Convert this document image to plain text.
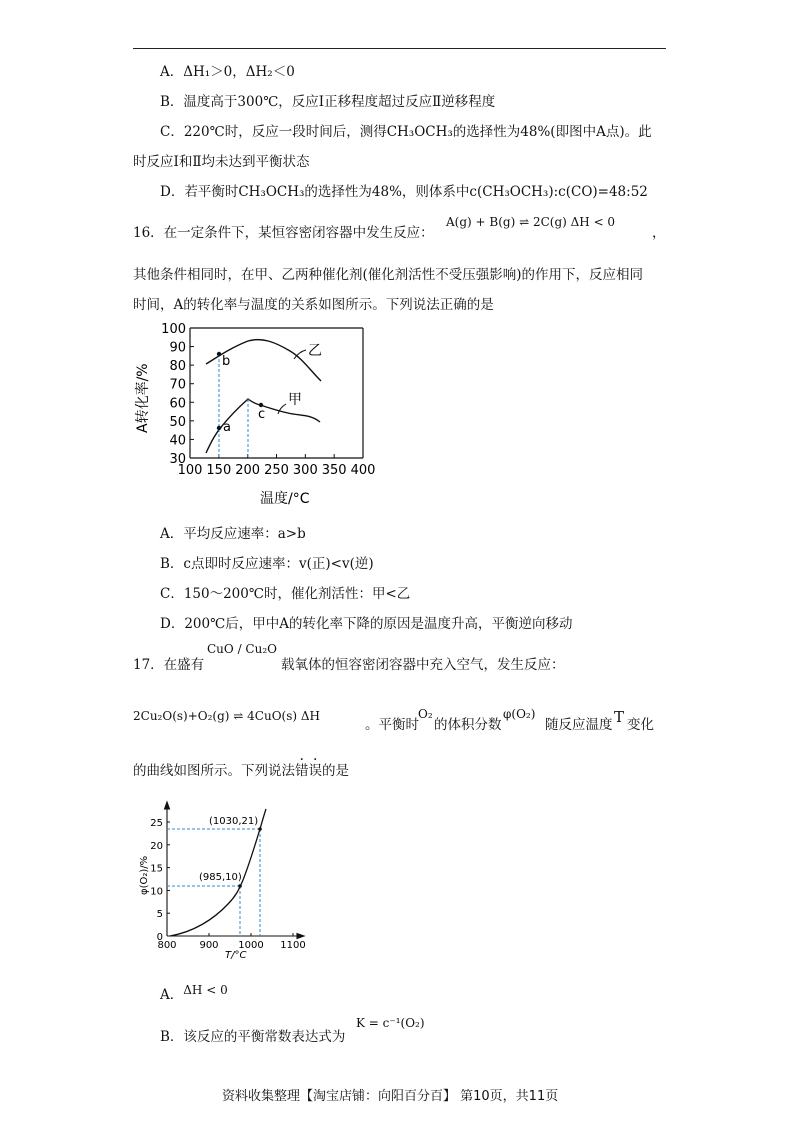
A．ΔH₁＞0，ΔH₂＜0
B．温度高于300℃，反应Ⅰ正移程度超过反应Ⅱ逆移程度
C．220℃时，反应一段时间后，测得CH₃OCH₃的选择性为48%(即图中A点)。此
时反应Ⅰ和Ⅱ均未达到平衡状态
D．若平衡时CH₃OCH₃的选择性为48%，则体系中c(CH₃OCH₃):c(CO)=48:52
16．在一定条件下，某恒容密闭容器中发生反应：
A(g) + B(g) ⇌ 2C(g) ΔH < 0
，
其他条件相同时，在甲、乙两种催化剂(催化剂活性不受压强影响)的作用下，反应相同
时间，A的转化率与温度的关系如图所示。下列说法正确的是
100 150 200 250 300 350 400
30
40
50
60
70
80
90
100
a
b
c
乙
甲
温度/°C
A转化率/%
A．平均反应速率：a>b
B．c点即时反应速率：v(正)<v(逆)
C．150～200℃时，催化剂活性：甲<乙
D．200℃后，甲中A的转化率下降的原因是温度升高，平衡逆向移动
17．在盛有
CuO / Cu₂O
载氧体的恒容密闭容器中充入空气，发生反应：
2Cu₂O(s)+O₂(g) ⇌ 4CuO(s) ΔH
。平衡时
O₂
的体积分数
φ(O₂)
随反应温度 T 变化
的曲线如图所示。下列说法错误的是
800 900 1000 1100
0
5
10
15
20
25	(1030,21)
(985,10)
T/°C
φ(O₂)/%
A．ΔH < 0
B．该反应的平衡常数表达式为
K = c⁻¹(O₂)
资料收集整理【淘宝店铺：向阳百分百】 第10页，共11页
